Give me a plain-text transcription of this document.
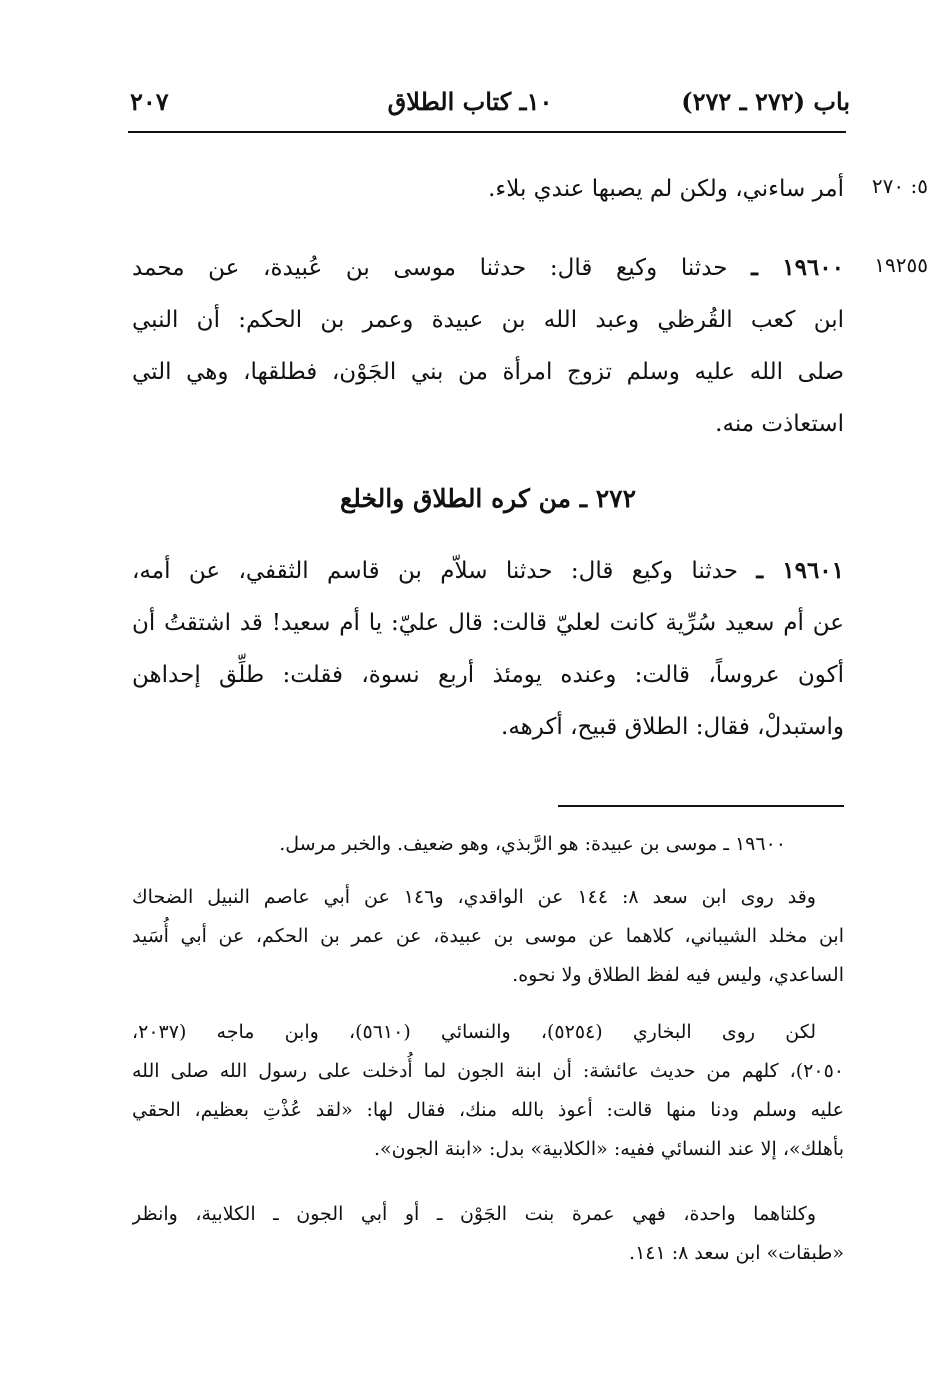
باب (٢٧٢ ـ ٢٧٢)
١٠ـ كتاب الطلاق
٢٠٧
٥: ٢٧٠
١٩٢٥٥
أمر ساءني، ولكن لم يصبها عندي بلاء.
١٩٦٠٠ ـ حدثنا وكيع قال: حدثنا موسى بن عُبيدة، عن محمد
ابن كعب القُرظي وعبد الله بن عبيدة وعمر بن الحكم: أن النبي
صلى الله عليه وسلم تزوج امرأة من بني الجَوْن، فطلقها، وهي التي
استعاذت منه.
٢٧٢ ـ من كره الطلاق والخلع
١٩٦٠١ ـ حدثنا وكيع قال: حدثنا سلاّم بن قاسم الثقفي، عن أمه،
عن أم سعيد سُرِّية كانت لعليّ قالت: قال عليّ: يا أم سعيد! قد اشتقتُ أن
أكون عروساً، قالت: وعنده يومئذ أربع نسوة، فقلت: طلِّق إحداهن
واستبدلْ، فقال: الطلاق قبيح، أكرهه.
١٩٦٠٠ ـ موسى بن عبيدة: هو الرَّبذي، وهو ضعيف. والخبر مرسل.
وقد روى ابن سعد ٨: ١٤٤ عن الواقدي، و١٤٦ عن أبي عاصم النبيل الضحاك
ابن مخلد الشيباني، كلاهما عن موسى بن عبيدة، عن عمر بن الحكم، عن أبي أُسَيد
الساعدي، وليس فيه لفظ الطلاق ولا نحوه.
لكن روى البخاري (٥٢٥٤)، والنسائي (٥٦١٠)، وابن ماجه (٢٠٣٧،
٢٠٥٠)، كلهم من حديث عائشة: أن ابنة الجون لما أُدخلت على رسول الله صلى الله
عليه وسلم ودنا منها قالت: أعوذ بالله منك، فقال لها: «لقد عُذْتِ بعظيم، الحقي
بأهلك»، إلا عند النسائي ففيه: «الكلابية» بدل: «ابنة الجون».
وكلتاهما واحدة، فهي عمرة بنت الجَوْن ـ أو أبي الجون ـ الكلابية، وانظر
«طبقات» ابن سعد ٨: ١٤١.
